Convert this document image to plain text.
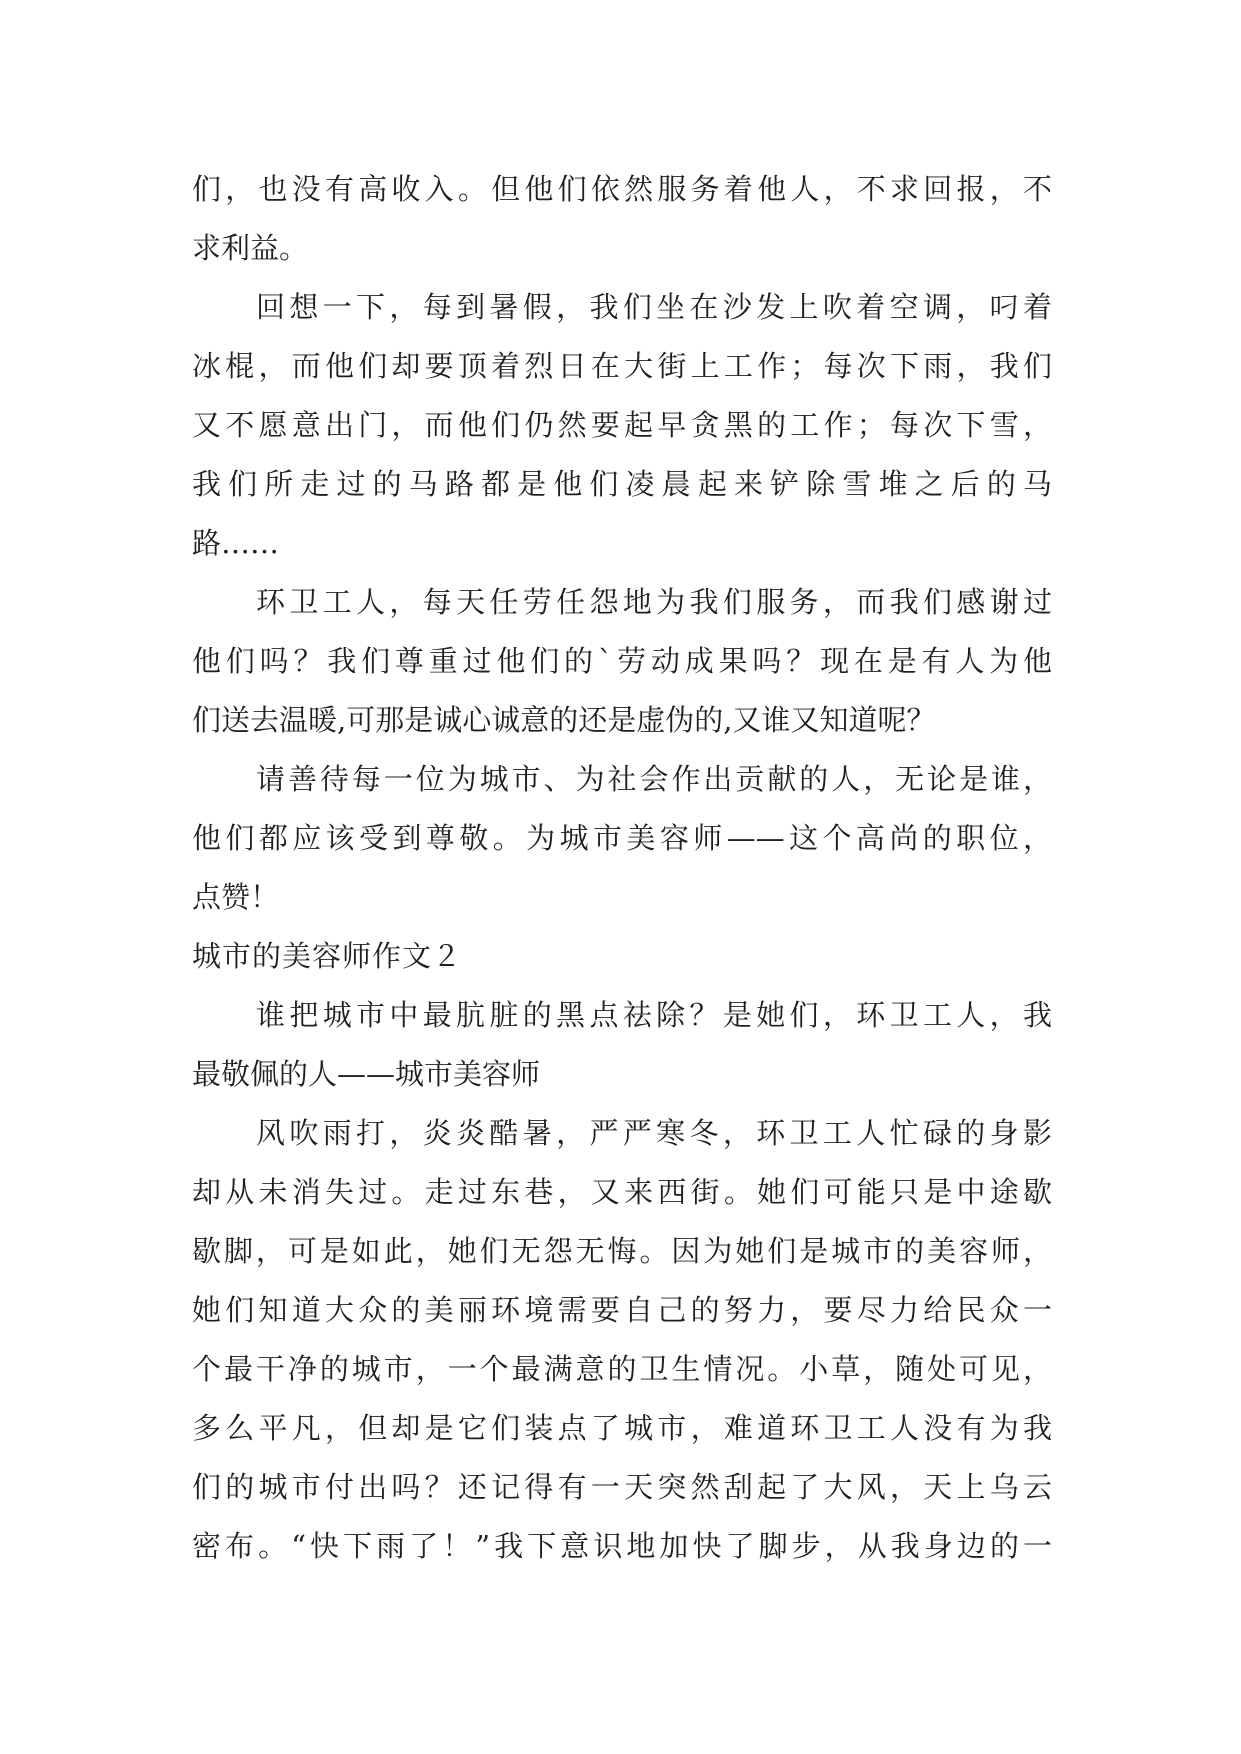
们，也没有高收入。但他们依然服务着他人，不求回报，不
求利益。
回想一下，每到暑假，我们坐在沙发上吹着空调，叼着
冰棍，而他们却要顶着烈日在大街上工作；每次下雨，我们
又不愿意出门，而他们仍然要起早贪黑的工作；每次下雪，
我们所走过的马路都是他们凌晨起来铲除雪堆之后的马
路……
环卫工人，每天任劳任怨地为我们服务，而我们感谢过
他们吗？我们尊重过他们的`劳动成果吗？现在是有人为他
们送去温暖,可那是诚心诚意的还是虚伪的,又谁又知道呢？
请善待每一位为城市、为社会作出贡献的人，无论是谁，
他们都应该受到尊敬。为城市美容师——这个高尚的职位，
点赞！
城市的美容师作文２
谁把城市中最肮脏的黑点祛除？是她们，环卫工人，我
最敬佩的人——城市美容师
风吹雨打，炎炎酷暑，严严寒冬，环卫工人忙碌的身影
却从未消失过。走过东巷，又来西街。她们可能只是中途歇
歇脚，可是如此，她们无怨无悔。因为她们是城市的美容师，
她们知道大众的美丽环境需要自己的努力，要尽力给民众一
个最干净的城市，一个最满意的卫生情况。小草，随处可见，
多么平凡，但却是它们装点了城市，难道环卫工人没有为我
们的城市付出吗？还记得有一天突然刮起了大风，天上乌云
密布。“快下雨了！”我下意识地加快了脚步，从我身边的一
